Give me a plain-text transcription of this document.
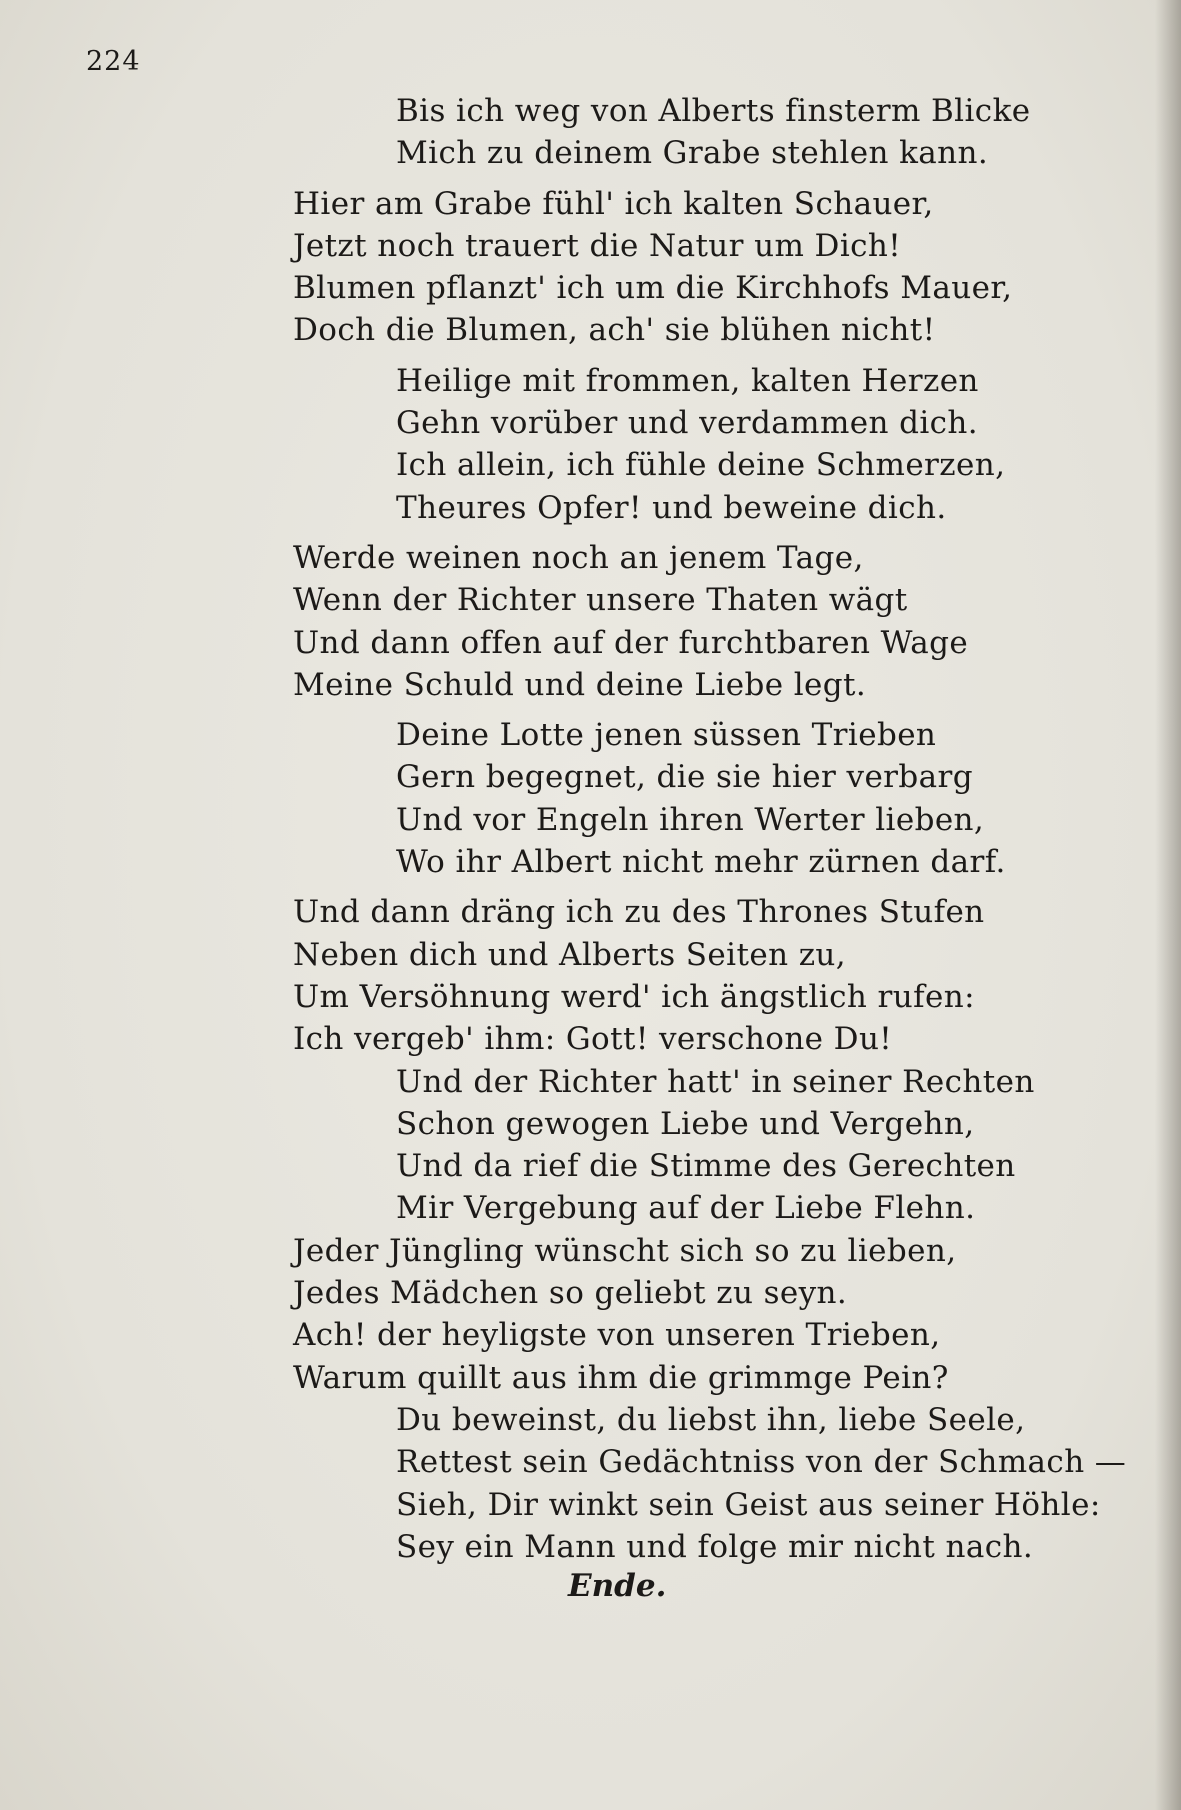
224
Bis ich weg von Alberts finsterm Blicke
Mich zu deinem Grabe stehlen kann.
Hier am Grabe fühl' ich kalten Schauer,
Jetzt noch trauert die Natur um Dich!
Blumen pflanzt' ich um die Kirchhofs Mauer,
Doch die Blumen, ach' sie blühen nicht!
Heilige mit frommen, kalten Herzen
Gehn vorüber und verdammen dich.
Ich allein, ich fühle deine Schmerzen,
Theures Opfer! und beweine dich.
Werde weinen noch an jenem Tage,
Wenn der Richter unsere Thaten wägt
Und dann offen auf der furchtbaren Wage
Meine Schuld und deine Liebe legt.
Deine Lotte jenen süssen Trieben
Gern begegnet, die sie hier verbarg
Und vor Engeln ihren Werter lieben,
Wo ihr Albert nicht mehr zürnen darf.
Und dann dräng ich zu des Thrones Stufen
Neben dich und Alberts Seiten zu,
Um Versöhnung werd' ich ängstlich rufen:
Ich vergeb' ihm: Gott! verschone Du!
Und der Richter hatt' in seiner Rechten
Schon gewogen Liebe und Vergehn,
Und da rief die Stimme des Gerechten
Mir Vergebung auf der Liebe Flehn.
Jeder Jüngling wünscht sich so zu lieben,
Jedes Mädchen so geliebt zu seyn.
Ach! der heyligste von unseren Trieben,
Warum quillt aus ihm die grimmge Pein?
Du beweinst, du liebst ihn, liebe Seele,
Rettest sein Gedächtniss von der Schmach —
Sieh, Dir winkt sein Geist aus seiner Höhle:
Sey ein Mann und folge mir nicht nach.
Ende.
